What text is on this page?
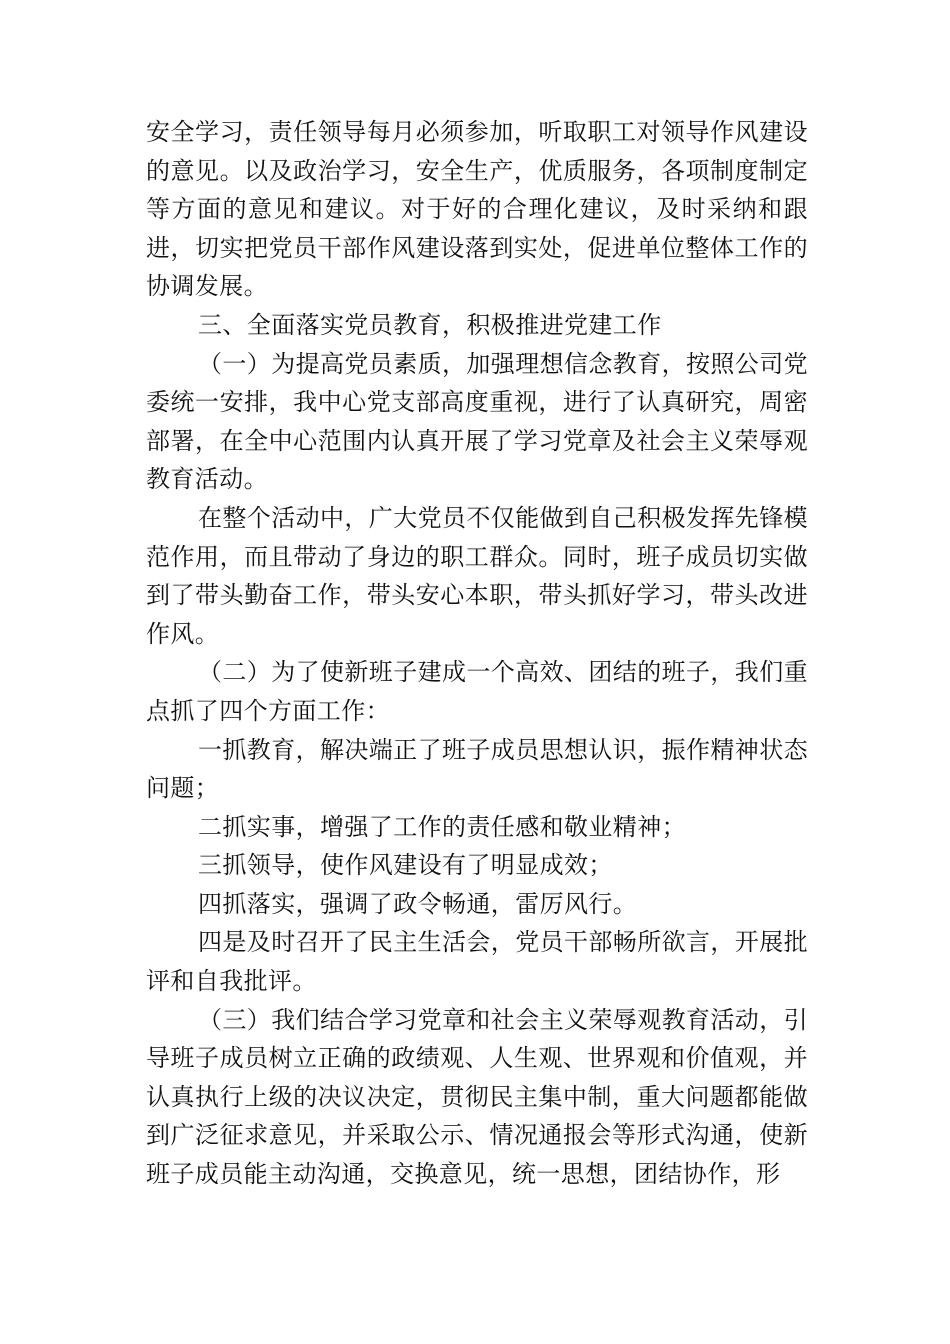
安全学习，责任领导每月必须参加，听取职工对领导作风建设的意见。以及政治学习，安全生产，优质服务，各项制度制定等方面的意见和建议。对于好的合理化建议，及时采纳和跟进，切实把党员干部作风建设落到实处，促进单位整体工作的协调发展。

三、全面落实党员教育，积极推进党建工作

（一）为提高党员素质，加强理想信念教育，按照公司党委统一安排，我中心党支部高度重视，进行了认真研究，周密部署，在全中心范围内认真开展了学习党章及社会主义荣辱观教育活动。

在整个活动中，广大党员不仅能做到自己积极发挥先锋模范作用，而且带动了身边的职工群众。同时，班子成员切实做到了带头勤奋工作，带头安心本职，带头抓好学习，带头改进作风。

（二）为了使新班子建成一个高效、团结的班子，我们重点抓了四个方面工作：

一抓教育，解决端正了班子成员思想认识，振作精神状态问题；

二抓实事，增强了工作的责任感和敬业精神；

三抓领导，使作风建设有了明显成效；

四抓落实，强调了政令畅通，雷厉风行。

四是及时召开了民主生活会，党员干部畅所欲言，开展批评和自我批评。

（三）我们结合学习党章和社会主义荣辱观教育活动，引导班子成员树立正确的政绩观、人生观、世界观和价值观，并认真执行上级的决议决定，贯彻民主集中制，重大问题都能做到广泛征求意见，并采取公示、情况通报会等形式沟通，使新班子成员能主动沟通，交换意见，统一思想，团结协作，形
